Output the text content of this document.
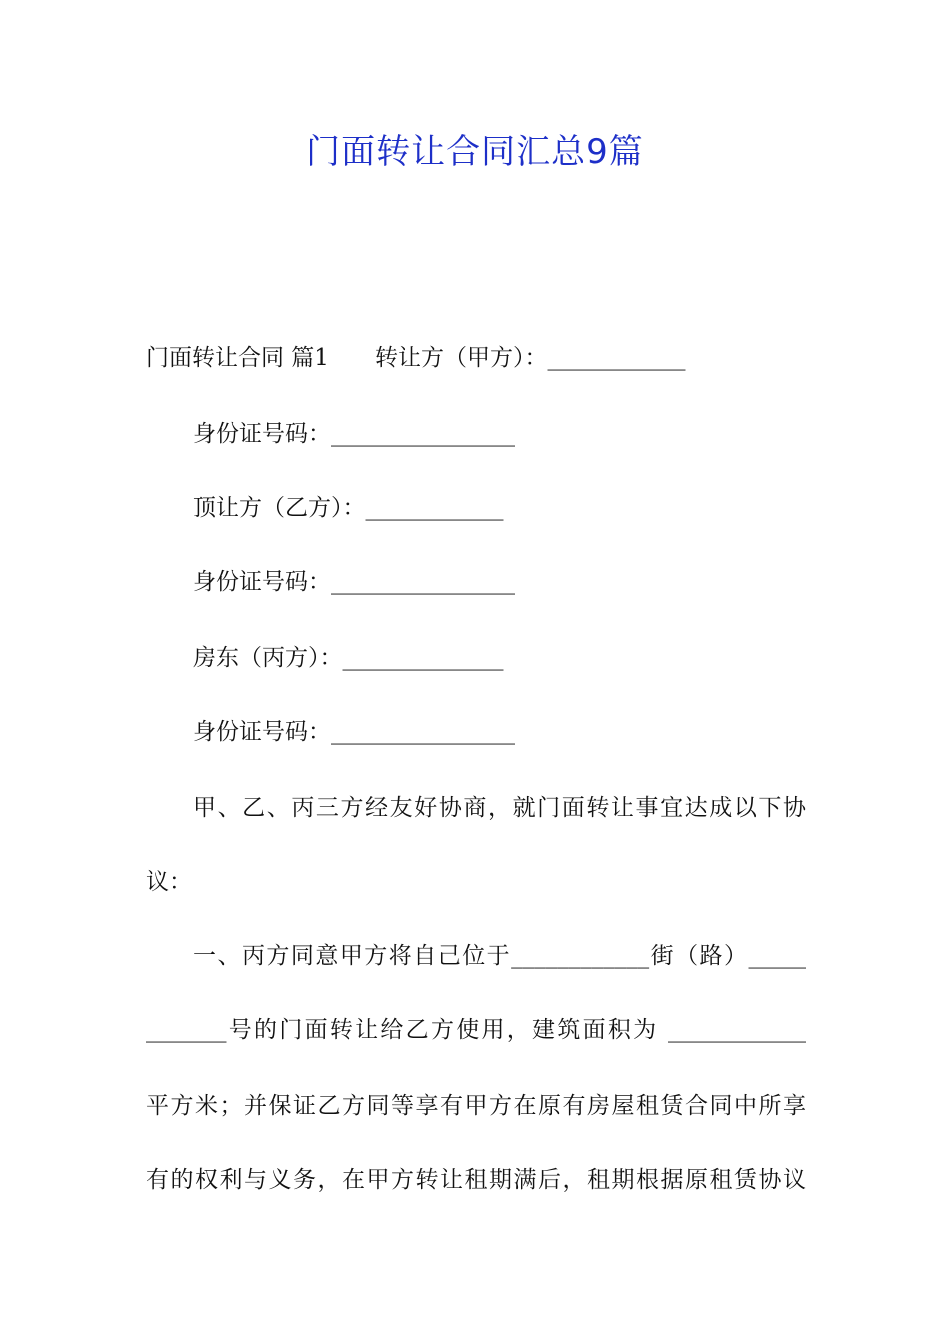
门面转让合同汇总9篇
门面转让合同 篇1 转让方（甲方）：____________
身份证号码：________________
顶让方（乙方）：____________
身份证号码：________________
房东（丙方）：______________
身份证号码：________________
甲、乙、丙三方经友好协商，就门面转让事宜达成以下协
议：
一、丙方同意甲方将自己位于____________街（路）_____
_______号的门面转让给乙方使用，建筑面积为 ____________
平方米；并保证乙方同等享有甲方在原有房屋租赁合同中所享
有的权利与义务，在甲方转让租期满后，租期根据原租赁协议
